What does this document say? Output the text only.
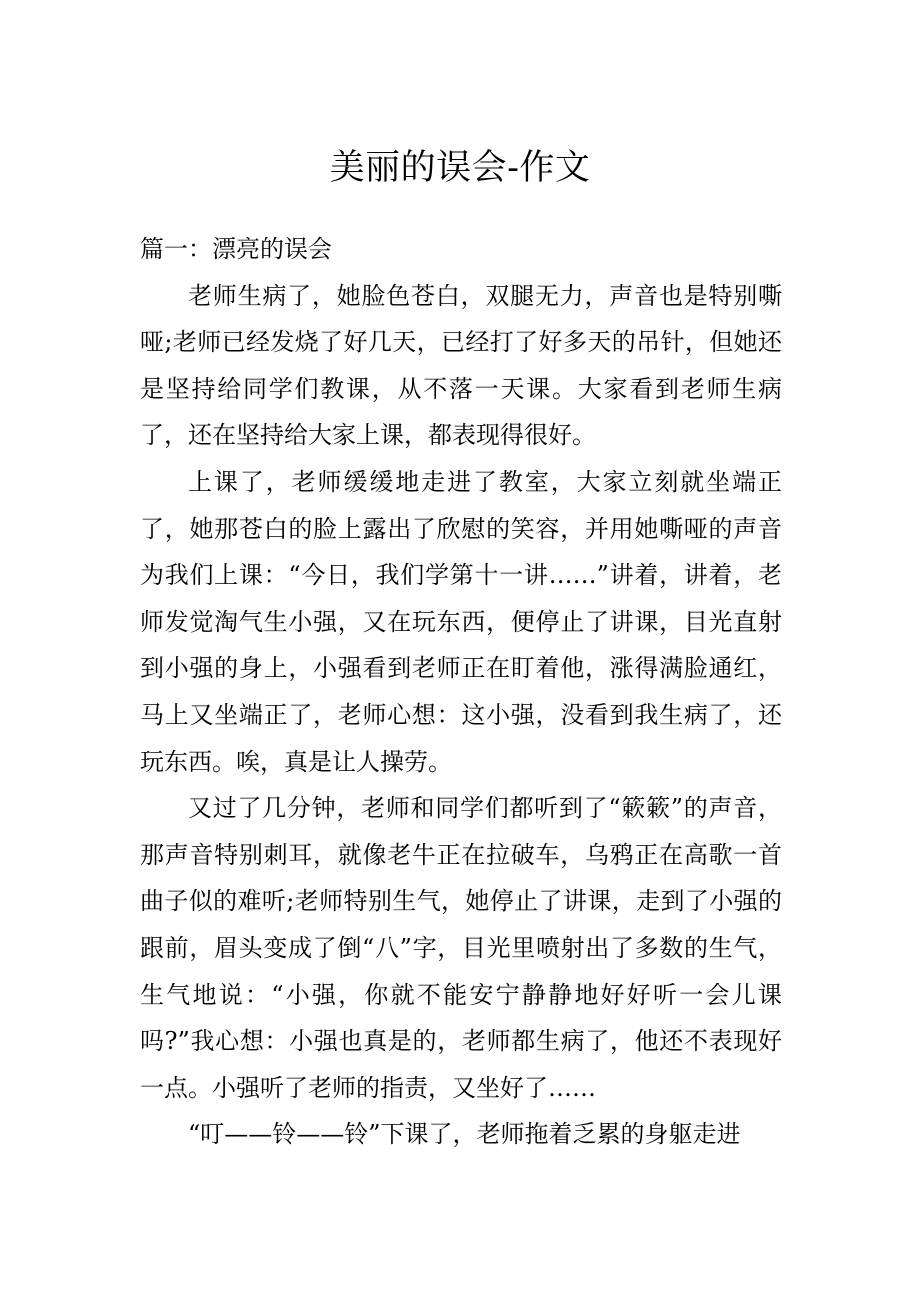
美丽的误会-作文

篇一：漂亮的误会

老师生病了，她脸色苍白，双腿无力，声音也是特别嘶哑;老师已经发烧了好几天，已经打了好多天的吊针，但她还是坚持给同学们教课，从不落一天课。大家看到老师生病了，还在坚持给大家上课，都表现得很好。

上课了，老师缓缓地走进了教室，大家立刻就坐端正了，她那苍白的脸上露出了欣慰的笑容，并用她嘶哑的声音为我们上课：“今日，我们学第十一讲……”讲着，讲着，老师发觉淘气生小强，又在玩东西，便停止了讲课，目光直射到小强的身上，小强看到老师正在盯着他，涨得满脸通红，马上又坐端正了，老师心想：这小强，没看到我生病了，还玩东西。唉，真是让人操劳。

又过了几分钟，老师和同学们都听到了“簌簌”的声音，那声音特别刺耳，就像老牛正在拉破车，乌鸦正在高歌一首曲子似的难听;老师特别生气，她停止了讲课，走到了小强的跟前，眉头变成了倒“八”字，目光里喷射出了多数的生气，生气地说：“小强，你就不能安宁静静地好好听一会儿课吗?”我心想：小强也真是的，老师都生病了，他还不表现好一点。小强听了老师的指责，又坐好了……

“叮——铃——铃”下课了，老师拖着乏累的身躯走进
